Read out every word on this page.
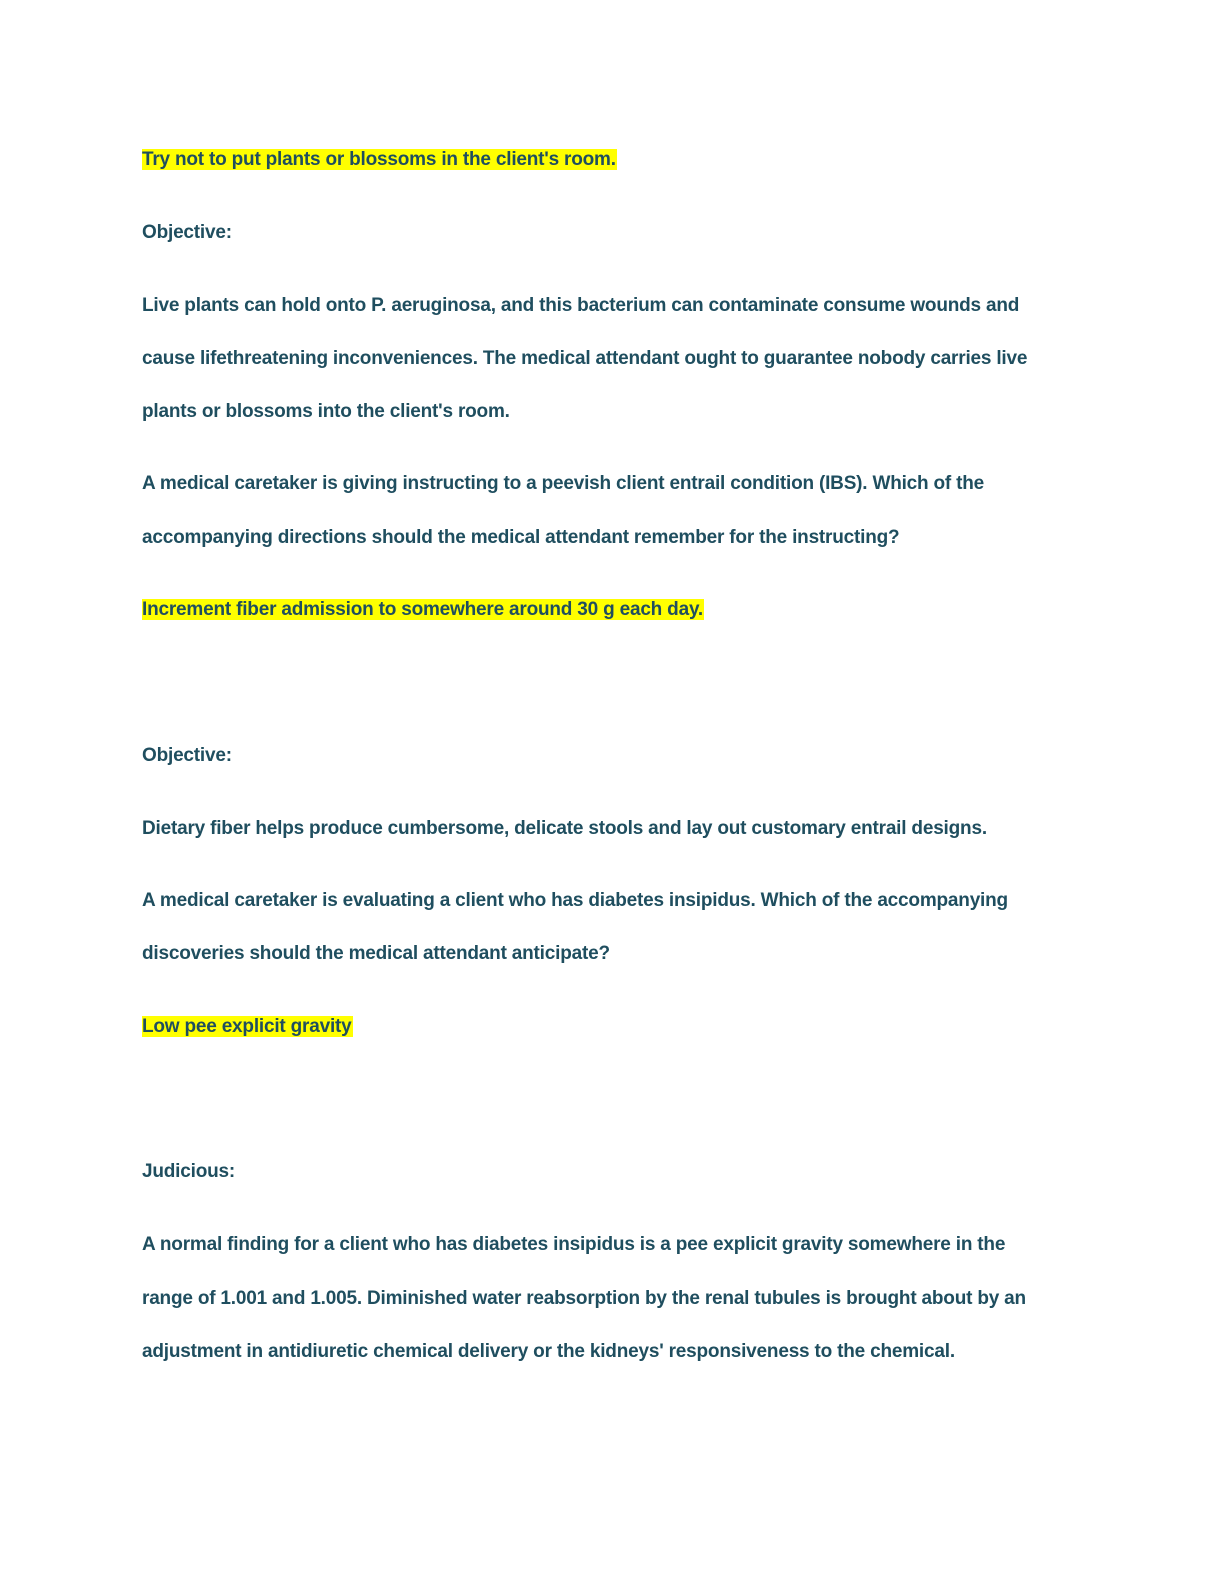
Try not to put plants or blossoms in the client's room.
Objective:
Live plants can hold onto P. aeruginosa, and this bacterium can contaminate consume wounds and
cause lifethreatening inconveniences. The medical attendant ought to guarantee nobody carries live
plants or blossoms into the client's room.
A medical caretaker is giving instructing to a peevish client entrail condition (IBS). Which of the
accompanying directions should the medical attendant remember for the instructing?
Increment fiber admission to somewhere around 30 g each day.
Objective:
Dietary fiber helps produce cumbersome, delicate stools and lay out customary entrail designs.
A medical caretaker is evaluating a client who has diabetes insipidus. Which of the accompanying
discoveries should the medical attendant anticipate?
Low pee explicit gravity
Judicious:
A normal finding for a client who has diabetes insipidus is a pee explicit gravity somewhere in the
range of 1.001 and 1.005. Diminished water reabsorption by the renal tubules is brought about by an
adjustment in antidiuretic chemical delivery or the kidneys' responsiveness to the chemical.
